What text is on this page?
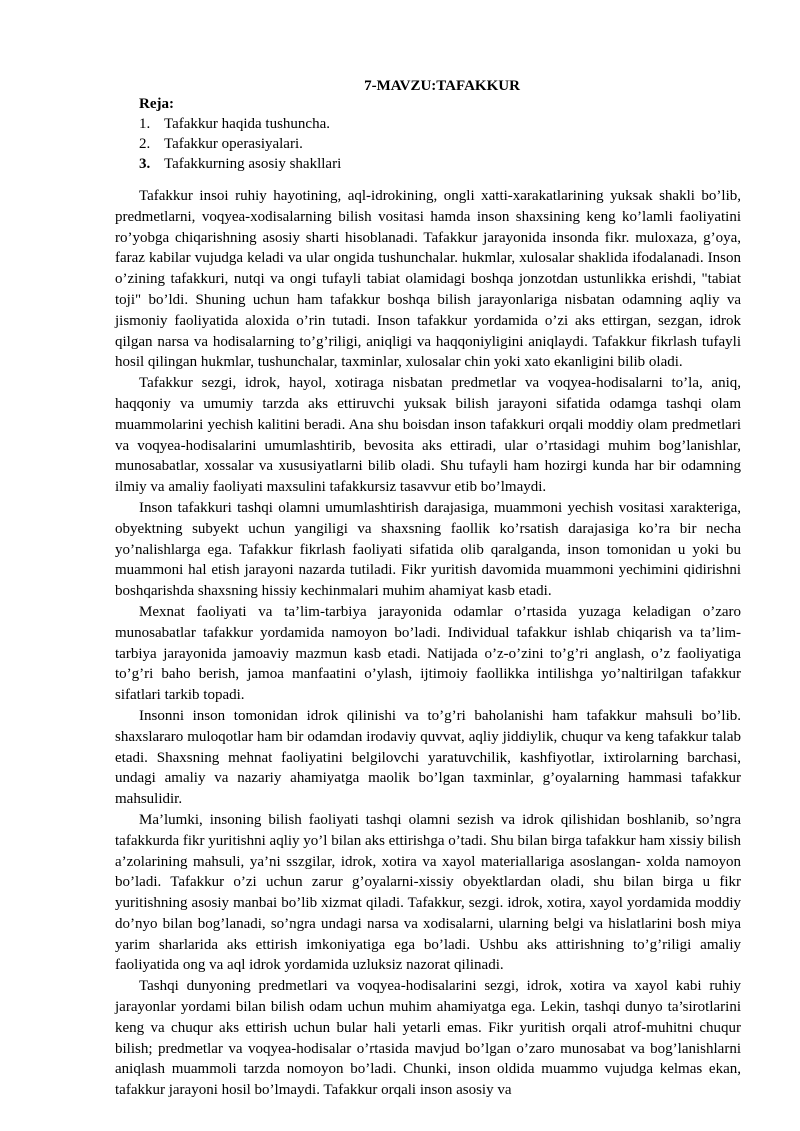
7-MAVZU:TAFAKKUR
Reja:
1. Tafakkur haqida tushuncha.
2. Tafakkur operasiyalari.
3. Tafakkurning asosiy shakllari

Tafakkur insoi ruhiy hayotining, aql-idrokining, ongli xatti-xarakatlarining yuksak shakli bo’lib, predmetlarni, voqyea-xodisalarning bilish vositasi hamda inson shaxsining keng ko’lamli faoliyatini ro’yobga chiqarishning asosiy sharti hisoblanadi. Tafakkur jarayonida insonda fikr. muloxaza, g’oya, faraz kabilar vujudga keladi va ular ongida tushunchalar. hukmlar, xulosalar shaklida ifodalanadi. Inson o’zining tafakkuri, nutqi va ongi tufayli tabiat olamidagi boshqa jonzotdan ustunlikka erishdi, "tabiat toji" bo’ldi. Shuning uchun ham tafakkur boshqa bilish jarayonlariga nisbatan odamning aqliy va jismoniy faoliyatida aloxida o’rin tutadi. Inson tafakkur yordamida o’zi aks ettirgan, sezgan, idrok qilgan narsa va hodisalarning to’g’riligi, aniqligi va haqqoniyligini aniqlaydi. Tafakkur fikrlash tufayli hosil qilingan hukmlar, tushunchalar, taxminlar, xulosalar chin yoki xato ekanligini bilib oladi.

Tafakkur sezgi, idrok, hayol, xotiraga nisbatan predmetlar va voqyea-hodisalarni to’la, aniq, haqqoniy va umumiy tarzda aks ettiruvchi yuksak bilish jarayoni sifatida odamga tashqi olam muammolarini yechish kalitini beradi. Ana shu boisdan inson tafakkuri orqali moddiy olam predmetlari va voqyea-hodisalarini umumlashtirib, bevosita aks ettiradi, ular o’rtasidagi muhim bog’lanishlar, munosabatlar, xossalar va xususiyatlarni bilib oladi. Shu tufayli ham hozirgi kunda har bir odamning ilmiy va amaliy faoliyati maxsulini tafakkursiz tasavvur etib bo’lmaydi.

Inson tafakkuri tashqi olamni umumlashtirish darajasiga, muammoni yechish vositasi xarakteriga, obyektning subyekt uchun yangiligi va shaxsning faollik ko’rsatish darajasiga ko’ra bir necha yo’nalishlarga ega. Tafakkur fikrlash faoliyati sifatida olib qaralganda, inson tomonidan u yoki bu muammoni hal etish jarayoni nazarda tutiladi. Fikr yuritish davomida muammoni yechimini qidirishni boshqarishda shaxsning hissiy kechinmalari muhim ahamiyat kasb etadi.

Mexnat faoliyati va ta’lim-tarbiya jarayonida odamlar o’rtasida yuzaga keladigan o’zaro munosabatlar tafakkur yordamida namoyon bo’ladi. Individual tafakkur ishlab chiqarish va ta’lim-tarbiya jarayonida jamoaviy mazmun kasb etadi. Natijada o’z-o’zini to’g’ri anglash, o’z faoliyatiga to’g’ri baho berish, jamoa manfaatini o’ylash, ijtimoiy faollikka intilishga yo’naltirilgan tafakkur sifatlari tarkib topadi.

Insonni inson tomonidan idrok qilinishi va to’g’ri baholanishi ham tafakkur mahsuli bo’lib. shaxslararo muloqotlar ham bir odamdan irodaviy quvvat, aqliy jiddiylik, chuqur va keng tafakkur talab etadi. Shaxsning mehnat faoliyatini belgilovchi yaratuvchilik, kashfiyotlar, ixtirolarning barchasi, undagi amaliy va nazariy ahamiyatga maolik bo’lgan taxminlar, g’oyalarning hammasi tafakkur mahsulidir.

Ma’lumki, insoning bilish faoliyati tashqi olamni sezish va idrok qilishidan boshlanib, so’ngra tafakkurda fikr yuritishni aqliy yo’l bilan aks ettirishga o’tadi. Shu bilan birga tafakkur ham xissiy bilish a’zolarining mahsuli, ya’ni sszgilar, idrok, xotira va xayol materiallariga asoslangan- xolda namoyon bo’ladi. Tafakkur o’zi uchun zarur g’oyalarni-xissiy obyektlardan oladi, shu bilan birga u fikr yuritishning asosiy manbai bo’lib xizmat qiladi. Tafakkur, sezgi. idrok, xotira, xayol yordamida moddiy do’nyo bilan bog’lanadi, so’ngra undagi narsa va xodisalarni, ularning belgi va hislatlarini bosh miya yarim sharlarida aks ettirish imkoniyatiga ega bo’ladi. Ushbu aks attirishning to’g’riligi amaliy faoliyatida ong va aql idrok yordamida uzluksiz nazorat qilinadi.

Tashqi dunyoning predmetlari va voqyea-hodisalarini sezgi, idrok, xotira va xayol kabi ruhiy jarayonlar yordami bilan bilish odam uchun muhim ahamiyatga ega. Lekin, tashqi dunyo ta’sirotlarini keng va chuqur aks ettirish uchun bular hali yetarli emas. Fikr yuritish orqali atrof-muhitni chuqur bilish; predmetlar va voqyea-hodisalar o’rtasida mavjud bo’lgan o’zaro munosabat va bog’lanishlarni aniqlash muammoli tarzda nomoyon bo’ladi. Chunki, inson oldida muammo vujudga kelmas ekan, tafakkur jarayoni hosil bo’lmaydi. Tafakkur orqali inson asosiy va
